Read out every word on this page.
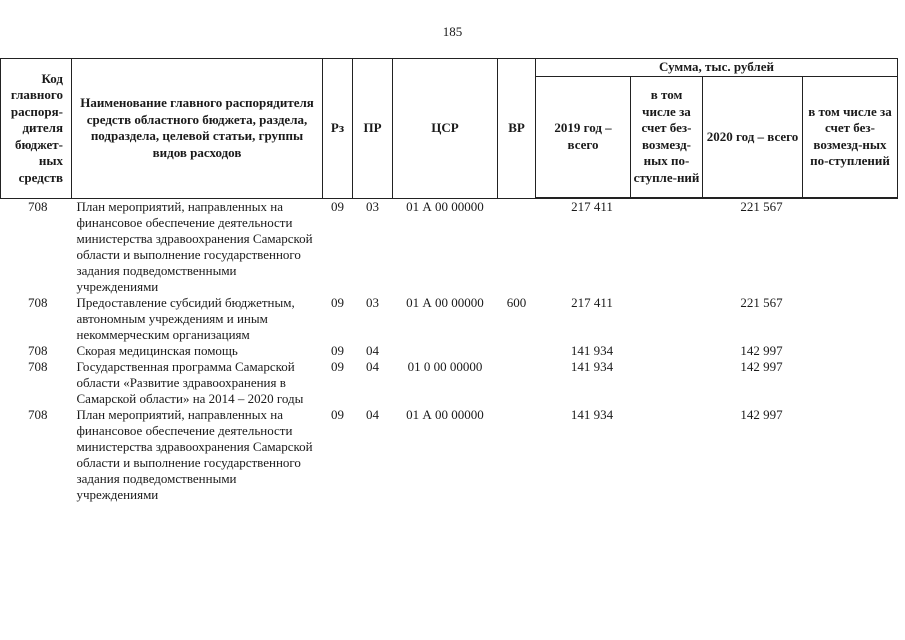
185
Код главного распоря-дителя бюджет-ных средств	Наименование главного распорядителя средств областного бюджета, раздела, подраздела, целевой статьи, группы видов расходов	Рз	ПР	ЦСР	ВР	Сумма, тыс. рублей			
						2019 год – всего	в том числе за счет без-возмезд-ных по-ступле-ний	2020 год – всего	в том числе за счет без-возмезд-ных по-ступлений
708	План мероприятий, направленных на финансовое обеспечение деятельности министерства здравоохранения Самарской области и выполнение государственного задания подведомственными учреждениями	09	03	01 А 00 00000		217 411		221 567	
708	Предоставление субсидий бюджетным, автономным учреждениям и иным некоммерческим организациям	09	03	01 А 00 00000	600	217 411		221 567	
708	Скорая медицинская помощь	09	04			141 934		142 997	
708	Государственная программа Самарской области «Развитие здравоохранения в Самарской области» на 2014 – 2020 годы	09	04	01 0 00 00000		141 934		142 997	
708	План мероприятий, направленных на финансовое обеспечение деятельности министерства здравоохранения Самарской области и выполнение государственного задания подведомственными учреждениями	09	04	01 А 00 00000		141 934		142 997	
